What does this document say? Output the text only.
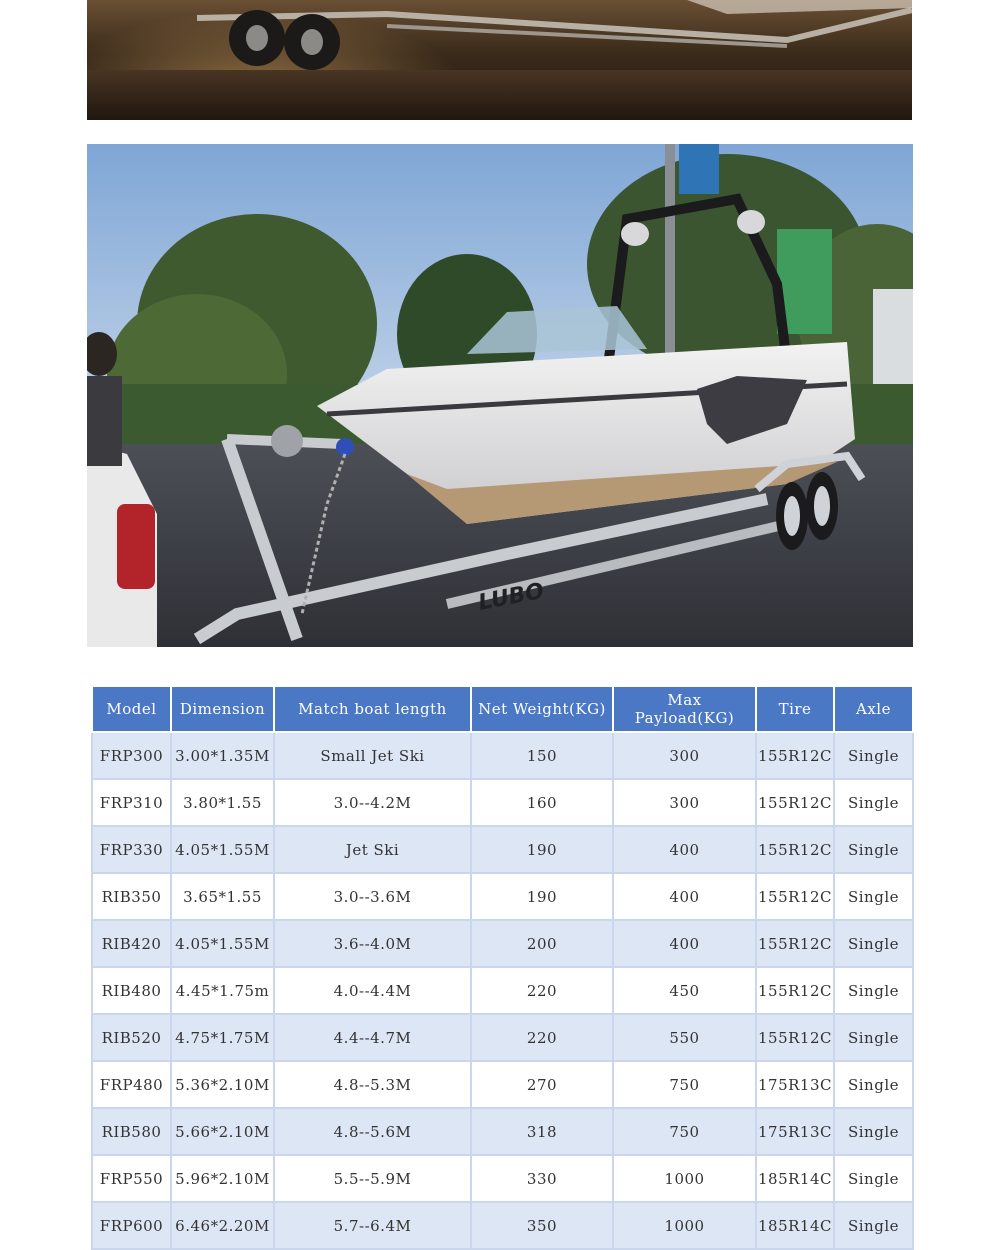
LUBO
Model	Dimension	Match boat length	Net Weight(KG)	Max Payload(KG)	Tire	Axle
FRP300	3.00*1.35M	Small Jet Ski	150	300	155R12C	Single
FRP310	3.80*1.55	3.0--4.2M	160	300	155R12C	Single
FRP330	4.05*1.55M	Jet Ski	190	400	155R12C	Single
RIB350	3.65*1.55	3.0--3.6M	190	400	155R12C	Single
RIB420	4.05*1.55M	3.6--4.0M	200	400	155R12C	Single
RIB480	4.45*1.75m	4.0--4.4M	220	450	155R12C	Single
RIB520	4.75*1.75M	4.4--4.7M	220	550	155R12C	Single
FRP480	5.36*2.10M	4.8--5.3M	270	750	175R13C	Single
RIB580	5.66*2.10M	4.8--5.6M	318	750	175R13C	Single
FRP550	5.96*2.10M	5.5--5.9M	330	1000	185R14C	Single
FRP600	6.46*2.20M	5.7--6.4M	350	1000	185R14C	Single
